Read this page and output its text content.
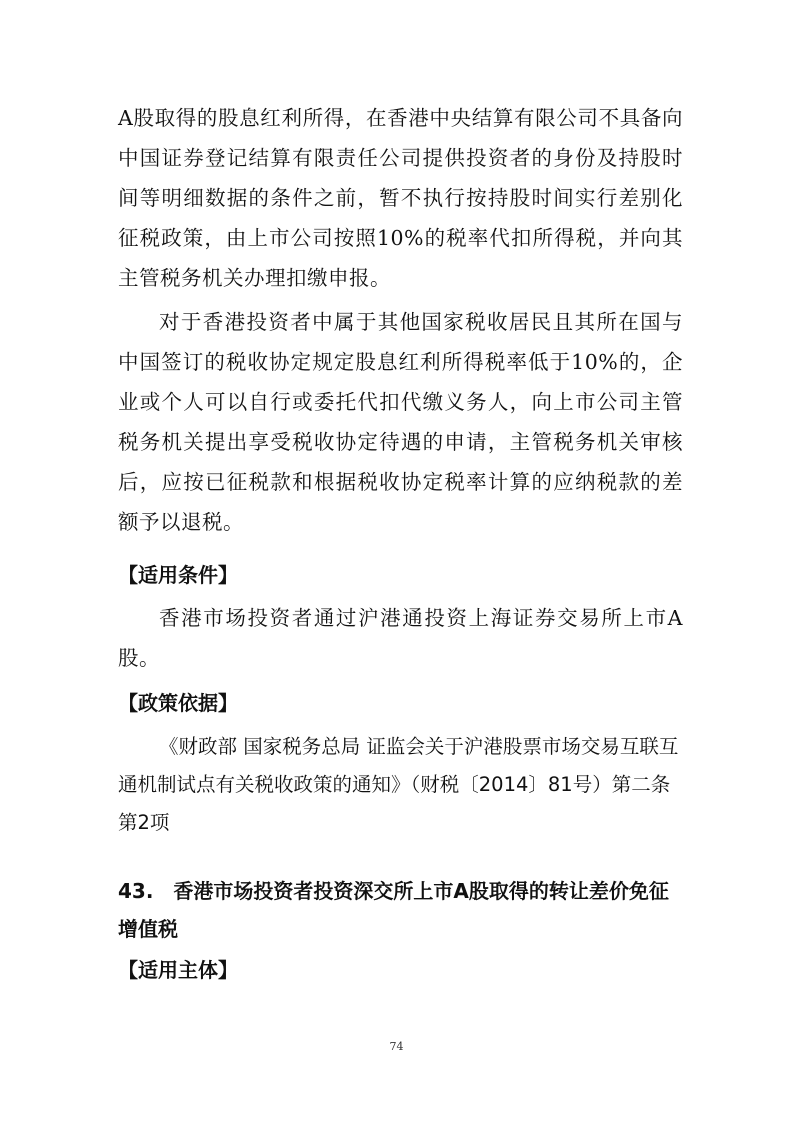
A股取得的股息红利所得，在香港中央结算有限公司不具备向中国证券登记结算有限责任公司提供投资者的身份及持股时间等明细数据的条件之前，暂不执行按持股时间实行差别化征税政策，由上市公司按照10%的税率代扣所得税，并向其主管税务机关办理扣缴申报。

对于香港投资者中属于其他国家税收居民且其所在国与中国签订的税收协定规定股息红利所得税率低于10%的，企业或个人可以自行或委托代扣代缴义务人，向上市公司主管税务机关提出享受税收协定待遇的申请，主管税务机关审核后，应按已征税款和根据税收协定税率计算的应纳税款的差额予以退税。

【适用条件】

香港市场投资者通过沪港通投资上海证券交易所上市A股。

【政策依据】

《财政部 国家税务总局 证监会关于沪港股票市场交易互联互通机制试点有关税收政策的通知》（财税〔2014〕81号）第二条第2项

43.　香港市场投资者投资深交所上市A股取得的转让差价免征增值税
【适用主体】
74
